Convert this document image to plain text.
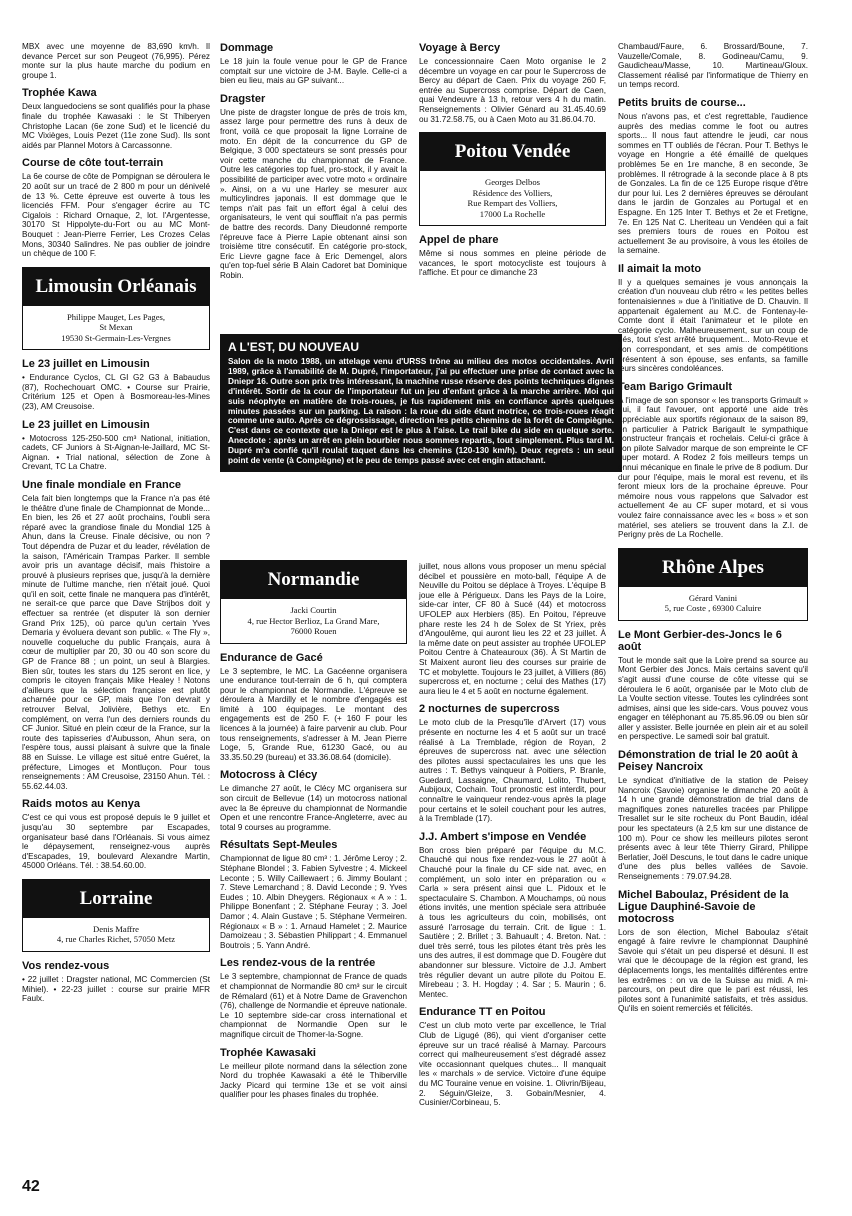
MBX avec une moyenne de 83,690 km/h. Il devance Percet sur son Peugeot (76,995). Pérez monte sur la plus haute marche du podium en groupe 1.

Trophée Kawa

Deux languedociens se sont qualifiés pour la phase finale du trophée Kawasaki : le St Thiberyen Christophe Lacan (6e zone Sud) et le licencié du MC Vixièges, Louis Pezet (11e zone Sud). Ils sont aidés par Plannel Motors à Carcassonne.

Course de côte tout-terrain

La 6e course de côte de Pompignan se déroulera le 20 août sur un tracé de 2 800 m pour un dénivelé de 13 %. Cette épreuve est ouverte à tous les licenciés FFM. Pour s'engager écrire au TC Cigalois : Richard Ornaque, 2, lot. l'Argentesse, 30170 St Hippolyte-du-Fort ou au MC Mont-Bouquet : Jean-Pierre Ferrier, Les Crozes Celas Mons, 30340 Salindres. Ne pas oublier de joindre un chèque de 100 F.

Limousin Orléanais
Philippe Mauget, Les Pages,
St Mexan
19530 St-Germain-Les-Vergnes
Le 23 juillet en Limousin

• Endurance Cyclos, CL GI G2 G3 à Babaudus (87), Rochechouart OMC. • Course sur Prairie, Critérium 125 et Open à Bosmoreau-les-Mines (23), AM Creusoise.

Le 23 juillet en Limousin

• Motocross 125-250-500 cm³ National, initiation, cadets, CF Juniors à St-Aignan-le-Jaillard, MC St-Aignan. • Trial national, sélection de Zone à Crevant, TC La Chatre.

Une finale mondiale en France

Cela fait bien longtemps que la France n'a pas été le théâtre d'une finale de Championnat de Monde... En bien, les 26 et 27 août prochains, l'oubli sera réparé avec la grandiose finale du Mondial 125 à Ahun, dans la Creuse. Finale décisive, ou non ? Tout dépendra de Puzar et du leader, révélation de la saison, l'Américain Trampas Parker. Il semble avoir pris un avantage décisif, mais l'histoire a prouvé à plusieurs reprises que, jusqu'à la dernière minute de l'ultime manche, rien n'était joué. Quoi qu'il en soit, cette finale ne manquera pas d'intérêt, ne serait-ce que parce que Dave Strijbos doit y effectuer sa rentrée (et disputer là son dernier Grand Prix 125), où parce qu'un certain Yves Demaria y évoluera devant son public. « The Fly », nouvelle coqueluche du public Français, aura à cœur de multiplier par 20, 30 ou 40 son score du GP de France 88 ; un point, un seul à Blargies. Bien sûr, toutes les stars du 125 seront en lice, y compris le citoyen français Mike Healey ! Notons d'ailleurs que la sélection française est plutôt acharnée pour ce GP, mais que l'on devrait y retrouver Belval, Jolivière, Bethys etc. En complément, on verra l'un des derniers rounds du CF Junior. Situé en plein cœur de la France, sur la route des tapisseries d'Aubusson, Ahun sera, on l'espère tous, aussi plaisant à suivre que la finale 88 en Suisse. Le village est situé entre Guéret, la préfecture, Limoges et Montluçon. Pour tous renseignements : AM Creusoise, 23150 Ahun. Tél. : 55.62.44.03.

Raids motos au Kenya

C'est ce qui vous est proposé depuis le 9 juillet et jusqu'au 30 septembre par Escapades, organisateur basé dans l'Orléanais. Si vous aimez le dépaysement, renseignez-vous auprès d'Escapades, 19, boulevard Alexandre Martin, 45000 Orléans. Tél. : 38.54.60.00.

Lorraine
Denis Maffre
4, rue Charles Richet, 57050 Metz
Vos rendez-vous

• 22 juillet : Dragster national, MC Commercien (St Mihiel). • 22-23 juillet : course sur prairie MFR Faulx.

Dommage

Le 18 juin la foule venue pour le GP de France comptait sur une victoire de J-M. Bayle. Celle-ci a bien eu lieu, mais au GP suivant...

Dragster

Une piste de dragster longue de près de trois km, assez large pour permettre des runs à deux de front, voilà ce que proposait la ligne Lorraine de moto. En dépit de la concurrence du GP de Belgique, 3 000 spectateurs se sont pressés pour voir cette manche du championnat de France. Outre les catégories top fuel, pro-stock, il y avait la possibilité de participer avec votre moto « ordinaire ». Ainsi, on a vu une Harley se mesurer aux multicylindres japonais. Il est dommage que le temps n'ait pas fait un effort égal à celui des organisateurs, le vent qui soufflait n'a pas permis de battre des records. Dany Dieudonné remporte l'épreuve face à Pierre Lapie obtenant ainsi son troisième titre consécutif. En catégorie pro-stock, Eric Lievre gagne face à Eric Demengel, alors qu'en top-fuel série B Alain Cadoret bat Dominique Robin.

Voyage à Bercy

Le concessionnaire Caen Moto organise le 2 décembre un voyage en car pour le Supercross de Bercy au départ de Caen. Prix du voyage 260 F, entrée au Supercross comprise. Départ de Caen, quai Vendeuvre à 13 h, retour vers 4 h du matin. Renseignements : Olivier Génard au 31.45.40.69 ou 31.72.58.75, ou à Caen Moto au 31.86.04.70.

Poitou Vendée
Georges Delbos
Résidence des Volliers,
Rue Rempart des Volliers,
17000 La Rochelle
Appel de phare

Même si nous sommes en pleine période de vacances, le sport motocycliste est toujours à l'affiche. Et pour ce dimanche 23

A L'EST, DU NOUVEAU

Salon de la moto 1988, un attelage venu d'URSS trône au milieu des motos occidentales. Avril 1989, grâce à l'amabilité de M. Dupré, l'importateur, j'ai pu effectuer une prise de contact avec la Dniepr 16. Outre son prix très intéressant, la machine russe réserve des points techniques dignes d'intérêt. Sortir de la cour de l'importateur fut un jeu d'enfant grâce à la marche arrière. Moi qui suis néophyte en matière de trois-roues, je fus rapidement mis en confiance après quelques minutes passées sur un parking. La raison : la roue du side étant motrice, ce trois-roues réagit comme une auto. Après ce dégrossissage, direction les petits chemins de la forêt de Compiègne. C'est dans ce contexte que la Dniepr est le plus à l'aise. Le trail bike du side en quelque sorte. Anecdote : après un arrêt en plein bourbier nous sommes repartis, tout simplement. Plus tard M. Dupré m'a confié qu'il roulait taquet dans les chemins (120-130 km/h). Deux regrets : un seul point de vente (à Compiègne) et le peu de temps passé avec cet engin attachant.

Normandie
Jacki Courtin
4, rue Hector Berlioz, La Grand Mare,
76000 Rouen
Endurance de Gacé

Le 3 septembre, le MC. La Gacéenne organisera une endurance tout-terrain de 6 h, qui comptera pour le championnat de Normandie. L'épreuve se déroulera à Mardilly et le nombre d'engagés est limité à 100 équipages. Le montant des engagements est de 250 F. (+ 160 F pour les licences à la journée) à faire parvenir au club. Pour tous renseignements, s'adresser à M. Jean Pierre Loge, 5, Grande Rue, 61230 Gacé, ou au 33.35.50.29 (bureau) et 33.36.08.64 (domicile).

Motocross à Clécy

Le dimanche 27 août, le Clécy MC organisera sur son circuit de Bellevue (14) un motocross national avec la 8e épreuve du championnat de Normandie Open et une rencontre France-Angleterre, avec au total 9 courses au programme.

Résultats Sept-Meules

Championnat de ligue 80 cm³ : 1. Jérôme Leroy ; 2. Stéphane Blondel ; 3. Fabien Sylvestre ; 4. Mickeel Leconte ; 5. Willy Caillewaert ; 6. Jimmy Boulant ; 7. Steve Lemarchand ; 8. David Leconde ; 9. Yves Eudes ; 10. Albin Dheygers. Régionaux « A » : 1. Philippe Bonenfant ; 2. Stéphane Feuray ; 3. Joel Damor ; 4. Alain Gustave ; 5. Stéphane Vermeiren. Régionaux « B » : 1. Arnaud Hamelet ; 2. Maurice Damoizeau ; 3. Sébastien Philippart ; 4. Emmanuel Boutrois ; 5. Yann André.

Les rendez-vous de la rentrée

Le 3 septembre, championnat de France de quads et championnat de Normandie 80 cm³ sur le circuit de Rémalard (61) et à Notre Dame de Gravenchon (76), challenge de Normandie et épreuve nationale. Le 10 septembre side-car cross international et championnat de Normandie Open sur le magnifique circuit de Thomer-la-Sogne.

Trophée Kawasaki

Le meilleur pilote normand dans la sélection zone Nord du trophée Kawasaki a été le Thiberville Jacky Picard qui termine 13e et se voit ainsi qualifier pour les phases finales du trophée.

juillet, nous allons vous proposer un menu spécial décibel et poussière en moto-ball, l'équipe A de Neuville du Poitou se déplace à Troyes. L'équipe B joue elle à Périgueux. Dans les Pays de la Loire, side-car inter, CF 80 à Sucé (44) et motocross UFOLEP aux Herbiers (85). En Poitou, l'épreuve phare reste les 24 h de Solex de St Yriex, près d'Angoulême, qui auront lieu les 22 et 23 juillet. À la même date on peut assister au trophée UFOLEP Poitou Centre à Chateauroux (36). À St Martin de St Maixent auront lieu des courses sur prairie de TC et mobylette. Toujours le 23 juillet, à Villiers (86) supercross et, en nocturne ; celui des Mathes (17) aura lieu le 4 et 5 août en nocturne également.

2 nocturnes de supercross

Le moto club de la Presqu'île d'Arvert (17) vous présente en nocturne les 4 et 5 août sur un tracé réalisé à La Tremblade, région de Royan, 2 épreuves de supercross nat. avec une sélection des pilotes aussi spectaculaires les uns que les autres : T. Bethys vainqueur à Poitiers, P. Branle, Guedard, Lassaigne, Chaumard, Lolito, Thubert, Aubijoux, Cochain. Tout pronostic est interdit, pour connaître le vainqueur rendez-vous après la plage pour certains et le soleil couchant pour les autres, à la Tremblade (17).

J.J. Ambert s'impose en Vendée

Bon cross bien préparé par l'équipe du M.C. Chauché qui nous fixe rendez-vous le 27 août à Chauché pour la finale du CF side nat. avec, en complément, un solo inter en préparation ou « Carla » sera présent ainsi que L. Pidoux et le spectaculaire S. Chambon. A Mouchamps, où nous étions invités, une mention spéciale sera attribuée à tous les agriculteurs du coin, mobilisés, ont assuré l'arrosage du terrain. Crit. de ligue : 1. Sautière ; 2. Brillet ; 3. Bahuault ; 4. Breton. Nat. : duel très serré, tous les pilotes étant très près les uns des autres, il est dommage que D. Fougère dut abandonner sur blessure. Victoire de J.J. Ambert très régulier devant un autre pilote du Poitou E. Mirebeau ; 3. H. Hogday ; 4. Sar ; 5. Maurin ; 6. Mentec.

Endurance TT en Poitou

C'est un club moto verte par excellence, le Trial Club de Ligugé (86), qui vient d'organiser cette épreuve sur un tracé réalisé à Marnay. Parcours correct qui malheureusement s'est dégradé assez vite occasionnant quelques chutes... Il manquait les « marchals » de service. Victoire d'une équipe du MC Touraine venue en voisine. 1. Olivrin/Bijeau, 2. Séguin/Gleize, 3. Gobain/Mesnier, 4. Cusinier/Corbineau, 5.

Chambaud/Faure, 6. Brossard/Boune, 7. Vauzelle/Comale, 8. Godineau/Camu, 9. Gaudicheau/Masse, 10. Martineau/Gloux. Classement réalisé par l'informatique de Thierry en un temps record.

Petits bruits de course...

Nous n'avons pas, et c'est regrettable, l'audience auprès des medias comme le foot ou autres sports... Il nous faut attendre le jeudi, car nous sommes en TT oubliés de l'écran. Pour T. Bethys le voyage en Hongrie a été émaillé de quelques problèmes 5e en 1re manche, 8 en seconde, 3e problèmes. Il rétrograde à la seconde place à 8 pts de Gonzales. La fin de ce 125 Europe risque d'être dur pour lui. Les 2 dernières épreuves se déroulant dans le jardin de Gonzales au Portugal et en Espagne. En 125 Inter T. Bethys et 2e et Fretigne, 7e. En 125 Nat C. Lheriteau un Vendéen qui a fait ses premiers tours de roues en Poitou est actuellement 3e au provisoire, à vous les étoiles de la semaine.

Il aimait la moto

Il y a quelques semaines je vous annonçais la création d'un nouveau club rétro « les petites belles fontenaisiennes » due à l'initiative de D. Chauvin. Il appartenait également au M.C. de Fontenay-le-Comte dont il était l'animateur et le pilote en catégorie cyclo. Malheureusement, sur un coup de dés, tout s'est arrêté bruquement... Moto-Revue et son correspondant, et ses amis de compétitions présentent à son épouse, ses enfants, sa famille leurs sincères condoléances.

Team Barigo Grimault

A l'image de son sponsor « les transports Grimault » qui, il faut l'avouer, ont apporté une aide très appréciable aux sportifs régionaux de la saison 89, en particulier à Patrick Barigault le sympathique constructeur français et rochelais. Celui-ci grâce à son pilote Salvador marque de son empreinte le CF super motard. A Rodez 2 fois meilleurs temps un ennui mécanique en finale le prive de 8 podium. Dur dur pour l'équipe, mais le moral est revenu, et ils feront mieux lors de la prochaine épreuve. Pour mémoire nous vous rappelons que Salvador est actuellement 4e au CF super motard, et si vous voulez faire connaissance avec les « boss » et son matériel, ses ateliers se trouvent dans la Z.I. de Perigny près de La Rochelle.

Rhône Alpes
Gérard Vanini
5, rue Coste , 69300 Caluire
Le Mont Gerbier-des-Joncs le 6 août

Tout le monde sait que la Loire prend sa source au Mont Gerbier des Joncs. Mais certains savent qu'il s'agit aussi d'une course de côte vitesse qui se déroulera le 6 août, organisée par le Moto club de La Voulte section vitesse. Toutes les cylindrées sont admises, ainsi que les side-cars. Vous pouvez vous engager en téléphonant au 75.85.96.09 ou bien sûr aller y assister. Belle journée en plein air et au soleil en perspective. Le samedi soir bal gratuit.

Démonstration de trial le 20 août à Peisey Nancroix

Le syndicat d'initiative de la station de Peisey Nancroix (Savoie) organise le dimanche 20 août à 14 h une grande démonstration de trial dans de magnifiques zones naturelles tracées par Philippe Tresallet sur le site rocheux du Pont Baudin, idéal pour les spectateurs (à 2,5 km sur une distance de 100 m). Pour ce show les meilleurs pilotes seront présents avec à leur tête Thierry Girard, Philippe Berlatier, Joël Descuns, le tout dans le cadre unique d'une des plus belles vallées de Savoie. Renseignements : 79.07.94.28.

Michel Baboulaz, Président de la Ligue Dauphiné-Savoie de motocross

Lors de son élection, Michel Baboulaz s'était engagé à faire revivre le championnat Dauphiné Savoie qui s'était un peu dispersé et désuni. Il est vrai que le découpage de la région est grand, les déplacements longs, les mentalités différentes entre les extrêmes : on va de la Suisse au midi. A mi-parcours, on peut dire que le pari est réussi, les pilotes sont à l'unanimité satisfaits, et très assidus. Qu'ils en soient remerciés et félicités.

42
